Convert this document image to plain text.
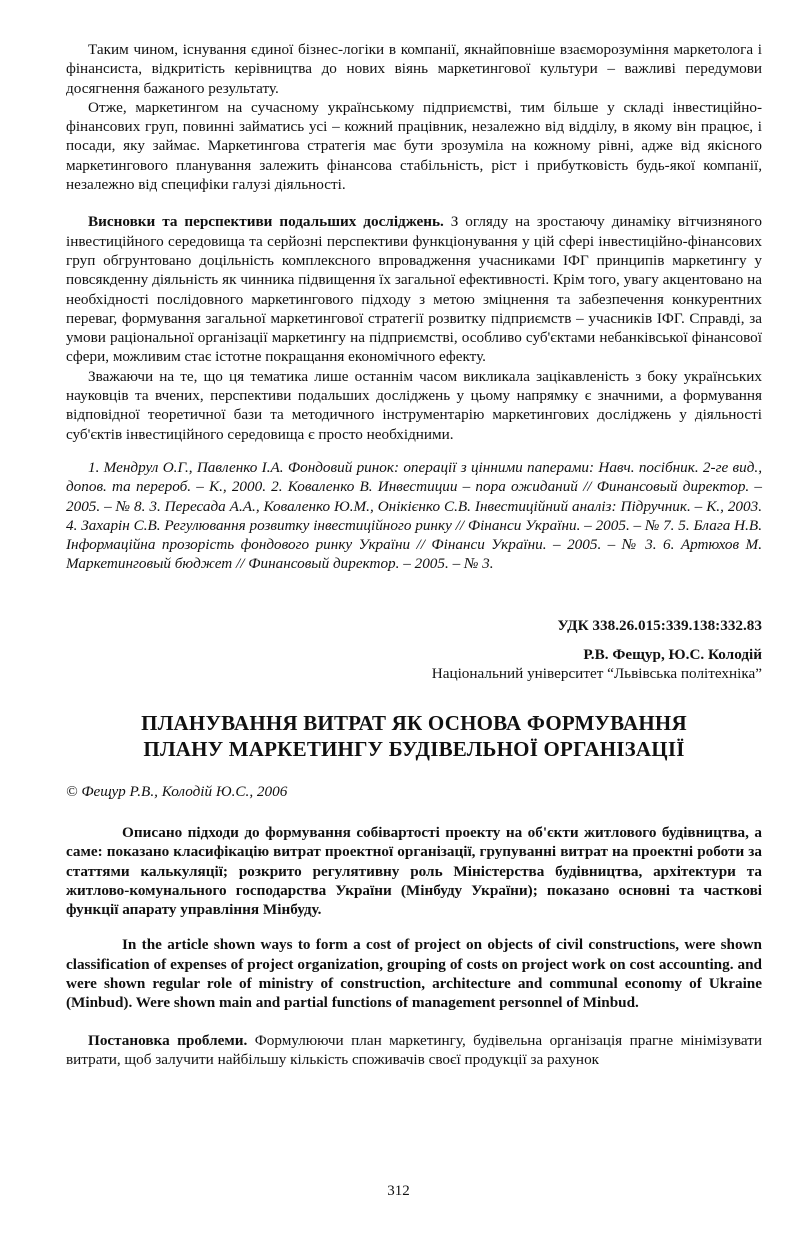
Таким чином, існування єдиної бізнес-логіки в компанії, якнайповніше взаєморозуміння маркетолога і фінансиста, відкритість керівництва до нових віянь маркетингової культури – важливі передумови досягнення бажаного результату.

Отже, маркетингом на сучасному українському підприємстві, тим більше у складі інвестиційно-фінансових груп, повинні займатись усі – кожний працівник, незалежно від відділу, в якому він працює, і посади, яку займає. Маркетингова стратегія має бути зрозуміла на кожному рівні, адже від якісного маркетингового планування залежить фінансова стабільність, ріст і прибутковість будь-якої компанії, незалежно від специфіки галузі діяльності.

Висновки та перспективи подальших досліджень. З огляду на зростаючу динаміку вітчизняного інвестиційного середовища та серйозні перспективи функціонування у цій сфері інвестиційно-фінансових груп обгрунтовано доцільність комплексного впровадження учасниками ІФГ принципів маркетингу у повсякденну діяльність як чинника підвищення їх загальної ефективності. Крім того, увагу акцентовано на необхідності послідовного маркетингового підходу з метою зміцнення та забезпечення конкурентних переваг, формування загальної маркетингової стратегії розвитку підприємств – учасників ІФГ. Справді, за умови раціональної організації маркетингу на підприємстві, особливо суб'єктами небанківської фінансової сфери, можливим стає істотне покращання економічного ефекту.

Зважаючи на те, що ця тематика лише останнім часом викликала зацікавленість з боку українських науковців та вчених, перспективи подальших досліджень у цьому напрямку є значними, а формування відповідної теоретичної бази та методичного інструментарію маркетингових досліджень у діяльності суб'єктів інвестиційного середовища є просто необхідними.

1. Мендрул О.Г., Павленко І.А. Фондовий ринок: операції з цінними паперами: Навч. посібник. 2-ге вид., допов. та перероб. – К., 2000. 2. Коваленко В. Инвестиции – пора ожиданий // Финансовый директор. – 2005. – № 8. 3. Пересада А.А., Коваленко Ю.М., Онікієнко С.В. Інвестиційний аналіз: Підручник. – К., 2003. 4. Захарін С.В. Регулювання розвитку інвестиційного ринку // Фінанси України. – 2005. – № 7. 5. Блага Н.В. Інформаційна прозорість фондового ринку України // Фінанси України. – 2005. – № 3. 6. Артюхов М. Маркетинговый бюджет // Финансовый директор. – 2005. – № 3.

УДК 338.26.015:339.138:332.83

Р.В. Фещур, Ю.С. Колодій

Національний університет “Львівська політехніка”

ПЛАНУВАННЯ ВИТРАТ ЯК ОСНОВА ФОРМУВАННЯ
ПЛАНУ МАРКЕТИНГУ БУДІВЕЛЬНОЇ ОРГАНІЗАЦІЇ

© Фещур Р.В., Колодій Ю.С., 2006

Описано підходи до формування собівартості проекту на об'єкти житлового будівництва, а саме: показано класифікацію витрат проектної організації, групуванні витрат на проектні роботи за статтями калькуляції; розкрито регулятивну роль Міністерства будівництва, архітектури та житлово-комунального господарства України (Мінбуду України); показано основні та часткові функції апарату управління Мінбуду.

In the article shown ways to form a cost of project on objects of civil constructions, were shown classification of expenses of project organization, grouping of costs on project work on cost accounting. and were shown regular role of ministry of construction, architecture and communal economy of Ukraine (Minbud). Were shown main and partial functions of management personnel of Minbud.

Постановка проблеми. Формулюючи план маркетингу, будівельна організація прагне мінімізувати витрати, щоб залучити найбільшу кількість споживачів своєї продукції за рахунок

312
